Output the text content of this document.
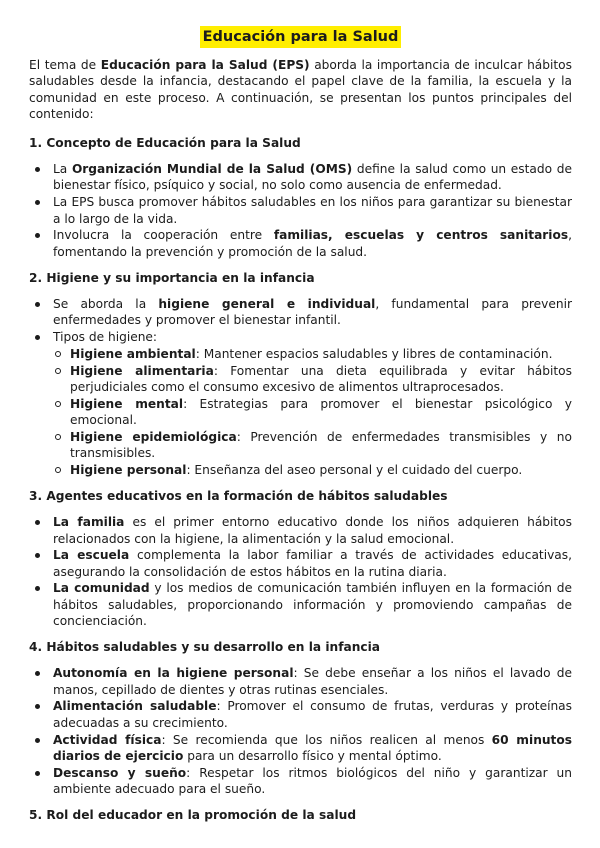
Educación para la Salud

El tema de Educación para la Salud (EPS) aborda la importancia de inculcar hábitos saludables desde la infancia, destacando el papel clave de la familia, la escuela y la comunidad en este proceso. A continuación, se presentan los puntos principales del contenido:

1. Concepto de Educación para la Salud
La Organización Mundial de la Salud (OMS) define la salud como un estado de bienestar físico, psíquico y social, no solo como ausencia de enfermedad.
La EPS busca promover hábitos saludables en los niños para garantizar su bienestar a lo largo de la vida.
Involucra la cooperación entre familias, escuelas y centros sanitarios, fomentando la prevención y promoción de la salud.
2. Higiene y su importancia en la infancia
Se aborda la higiene general e individual, fundamental para prevenir enfermedades y promover el bienestar infantil.
Tipos de higiene:
Higiene ambiental: Mantener espacios saludables y libres de contaminación.
Higiene alimentaria: Fomentar una dieta equilibrada y evitar hábitos perjudiciales como el consumo excesivo de alimentos ultraprocesados.
Higiene mental: Estrategias para promover el bienestar psicológico y emocional.
Higiene epidemiológica: Prevención de enfermedades transmisibles y no transmisibles.
Higiene personal: Enseñanza del aseo personal y el cuidado del cuerpo.
3. Agentes educativos en la formación de hábitos saludables
La familia es el primer entorno educativo donde los niños adquieren hábitos relacionados con la higiene, la alimentación y la salud emocional.
La escuela complementa la labor familiar a través de actividades educativas, asegurando la consolidación de estos hábitos en la rutina diaria.
La comunidad y los medios de comunicación también influyen en la formación de hábitos saludables, proporcionando información y promoviendo campañas de concienciación.
4. Hábitos saludables y su desarrollo en la infancia
Autonomía en la higiene personal: Se debe enseñar a los niños el lavado de manos, cepillado de dientes y otras rutinas esenciales.
Alimentación saludable: Promover el consumo de frutas, verduras y proteínas adecuadas a su crecimiento.
Actividad física: Se recomienda que los niños realicen al menos 60 minutos diarios de ejercicio para un desarrollo físico y mental óptimo.
Descanso y sueño: Respetar los ritmos biológicos del niño y garantizar un ambiente adecuado para el sueño.
5. Rol del educador en la promoción de la salud
